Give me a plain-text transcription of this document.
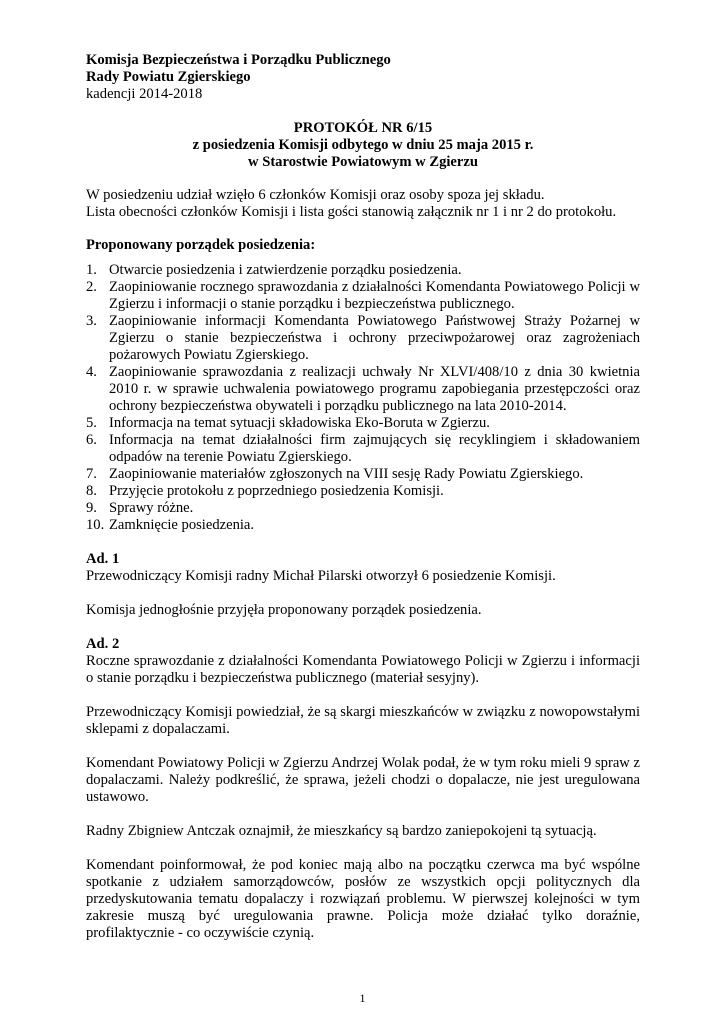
Komisja Bezpieczeństwa i Porządku Publicznego
Rady Powiatu Zgierskiego
kadencji 2014-2018
PROTOKÓŁ NR 6/15
z posiedzenia Komisji odbytego w dniu 25 maja 2015 r.
w Starostwie Powiatowym w Zgierzu
W posiedzeniu udział wzięło 6 członków Komisji oraz osoby spoza jej składu.
Lista obecności członków Komisji i lista gości stanowią załącznik nr 1 i nr 2 do protokołu.
Proponowany porządek posiedzenia:
1. Otwarcie posiedzenia i zatwierdzenie porządku posiedzenia.
2. Zaopiniowanie rocznego sprawozdania z działalności Komendanta Powiatowego Policji w Zgierzu i informacji o stanie porządku i bezpieczeństwa publicznego.
3. Zaopiniowanie informacji Komendanta Powiatowego Państwowej Straży Pożarnej w Zgierzu o stanie bezpieczeństwa i ochrony przeciwpożarowej oraz zagrożeniach pożarowych Powiatu Zgierskiego.
4. Zaopiniowanie sprawozdania z realizacji uchwały Nr XLVI/408/10 z dnia 30 kwietnia 2010 r. w sprawie uchwalenia powiatowego programu zapobiegania przestępczości oraz ochrony bezpieczeństwa obywateli i porządku publicznego na lata 2010-2014.
5. Informacja na temat sytuacji składowiska Eko-Boruta w Zgierzu.
6. Informacja na temat działalności firm zajmujących się recyklingiem i składowaniem odpadów na terenie Powiatu Zgierskiego.
7. Zaopiniowanie materiałów zgłoszonych na VIII sesję Rady Powiatu Zgierskiego.
8. Przyjęcie protokołu z poprzedniego posiedzenia Komisji.
9. Sprawy różne.
10. Zamknięcie posiedzenia.
Ad. 1

Przewodniczący Komisji radny Michał Pilarski otworzył 6 posiedzenie Komisji.

Komisja jednogłośnie przyjęła proponowany porządek posiedzenia.

Ad. 2

Roczne sprawozdanie z działalności Komendanta Powiatowego Policji w Zgierzu i informacji o stanie porządku i bezpieczeństwa publicznego (materiał sesyjny).

Przewodniczący Komisji powiedział, że są skargi mieszkańców w związku z nowopowstałymi sklepami z dopalaczami.

Komendant Powiatowy Policji w Zgierzu Andrzej Wolak podał, że w tym roku mieli 9 spraw z dopalaczami. Należy podkreślić, że sprawa, jeżeli chodzi o dopalacze, nie jest uregulowana ustawowo.

Radny Zbigniew Antczak oznajmił, że mieszkańcy są bardzo zaniepokojeni tą sytuacją.

Komendant poinformował, że pod koniec mają albo na początku czerwca ma być wspólne spotkanie z udziałem samorządowców, posłów ze wszystkich opcji politycznych dla przedyskutowania tematu dopalaczy i rozwiązań problemu. W pierwszej kolejności w tym zakresie muszą być uregulowania prawne. Policja może działać tylko doraźnie, profilaktycznie - co oczywiście czynią.

1
